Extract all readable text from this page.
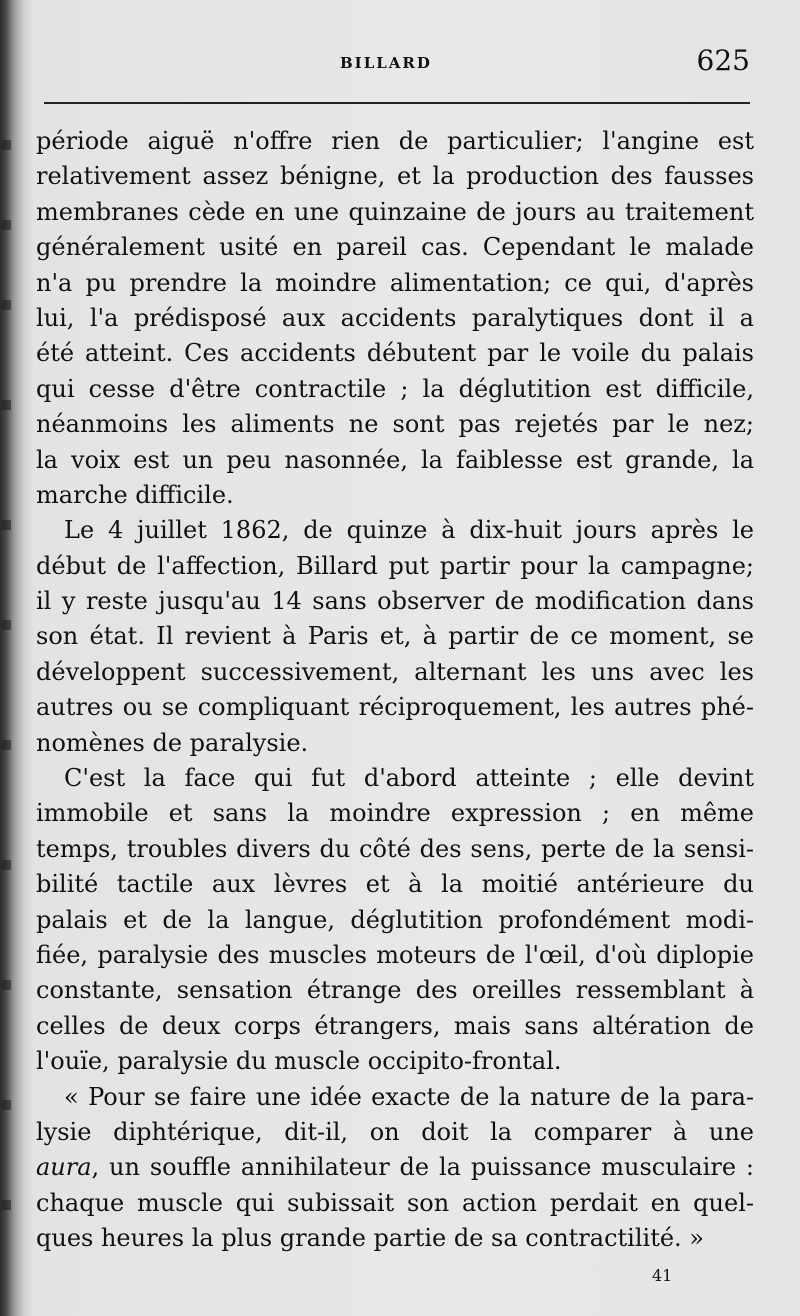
BILLARD	625
période aiguë n'offre rien de particulier; l'angine est
relativement assez bénigne, et la production des fausses
membranes cède en une quinzaine de jours au traitement
généralement usité en pareil cas. Cependant le malade
n'a pu prendre la moindre alimentation; ce qui, d'après
lui, l'a prédisposé aux accidents paralytiques dont il a
été atteint. Ces accidents débutent par le voile du palais
qui cesse d'être contractile ; la déglutition est difficile,
néanmoins les aliments ne sont pas rejetés par le nez;
la voix est un peu nasonnée, la faiblesse est grande, la
marche difficile.
Le 4 juillet 1862, de quinze à dix-huit jours après le
début de l'affection, Billard put partir pour la campagne;
il y reste jusqu'au 14 sans observer de modification dans
son état. Il revient à Paris et, à partir de ce moment, se
développent successivement, alternant les uns avec les
autres ou se compliquant réciproquement, les autres phé-
nomènes de paralysie.
C'est la face qui fut d'abord atteinte ; elle devint
immobile et sans la moindre expression ; en même
temps, troubles divers du côté des sens, perte de la sensi-
bilité tactile aux lèvres et à la moitié antérieure du
palais et de la langue, déglutition profondément modi-
fiée, paralysie des muscles moteurs de l'œil, d'où diplopie
constante, sensation étrange des oreilles ressemblant à
celles de deux corps étrangers, mais sans altération de
l'ouïe, paralysie du muscle occipito-frontal.
« Pour se faire une idée exacte de la nature de la para-
lysie diphtérique, dit-il, on doit la comparer à une
aura, un souffle annihilateur de la puissance musculaire :
chaque muscle qui subissait son action perdait en quel-
ques heures la plus grande partie de sa contractilité. »
41
